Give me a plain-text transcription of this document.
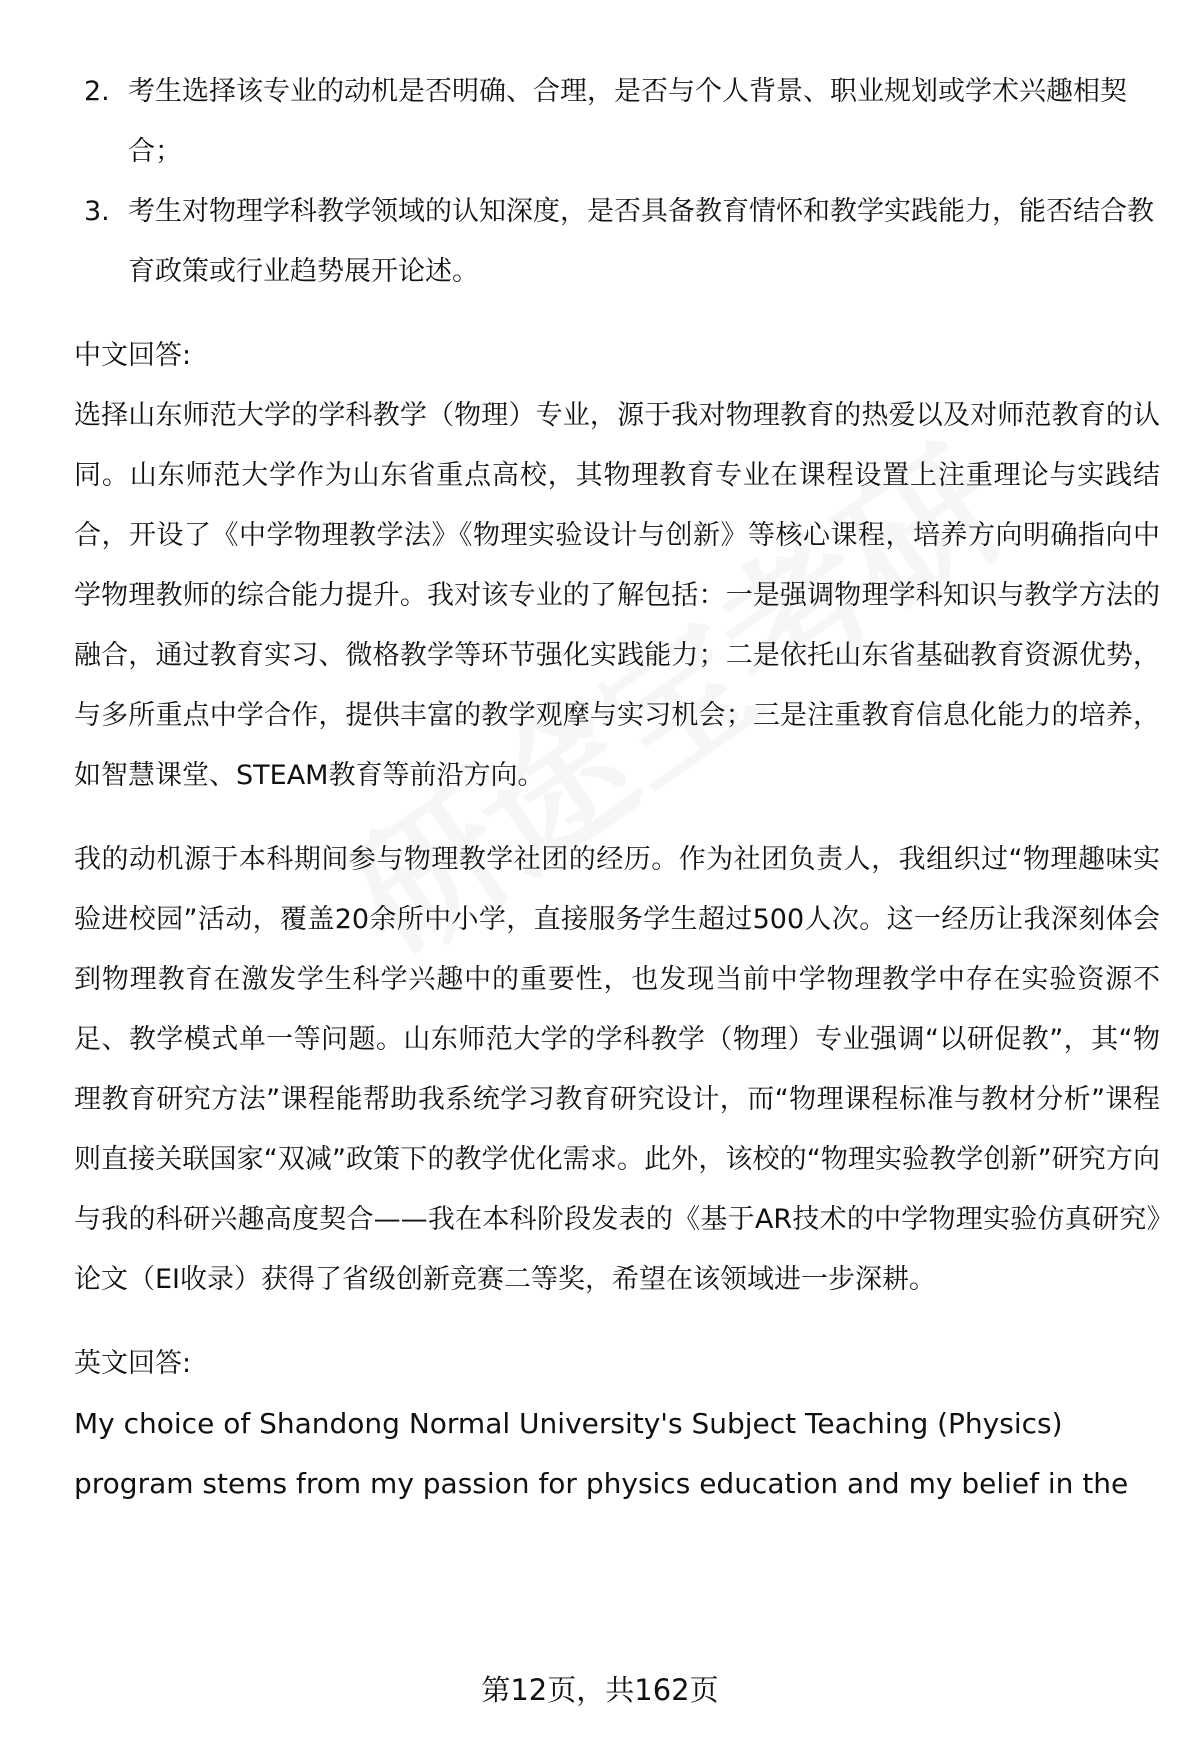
2. 考生选择该专业的动机是否明确、合理，是否与个人背景、职业规划或学术兴趣相契合；
3. 考生对物理学科教学领域的认知深度，是否具备教育情怀和教学实践能力，能否结合教育政策或行业趋势展开论述。
中文回答:

选择山东师范大学的学科教学（物理）专业，源于我对物理教育的热爱以及对师范教育的认同。山东师范大学作为山东省重点高校，其物理教育专业在课程设置上注重理论与实践结合，开设了《中学物理教学法》《物理实验设计与创新》等核心课程，培养方向明确指向中学物理教师的综合能力提升。我对该专业的了解包括：一是强调物理学科知识与教学方法的融合，通过教育实习、微格教学等环节强化实践能力；二是依托山东省基础教育资源优势，与多所重点中学合作，提供丰富的教学观摩与实习机会；三是注重教育信息化能力的培养，如智慧课堂、STEAM教育等前沿方向。

我的动机源于本科期间参与物理教学社团的经历。作为社团负责人，我组织过“物理趣味实验进校园”活动，覆盖20余所中小学，直接服务学生超过500人次。这一经历让我深刻体会到物理教育在激发学生科学兴趣中的重要性，也发现当前中学物理教学中存在实验资源不足、教学模式单一等问题。山东师范大学的学科教学（物理）专业强调“以研促教”，其“物理教育研究方法”课程能帮助我系统学习教育研究设计，而“物理课程标准与教材分析”课程则直接关联国家“双减”政策下的教学优化需求。此外，该校的“物理实验教学创新”研究方向与我的科研兴趣高度契合——我在本科阶段发表的《基于AR技术的中学物理实验仿真研究》论文（EI收录）获得了省级创新竞赛二等奖，希望在该领域进一步深耕。

英文回答:

My choice of Shandong Normal University's Subject Teaching (Physics) program stems from my passion for physics education and my belief in the

第12页，共162页
